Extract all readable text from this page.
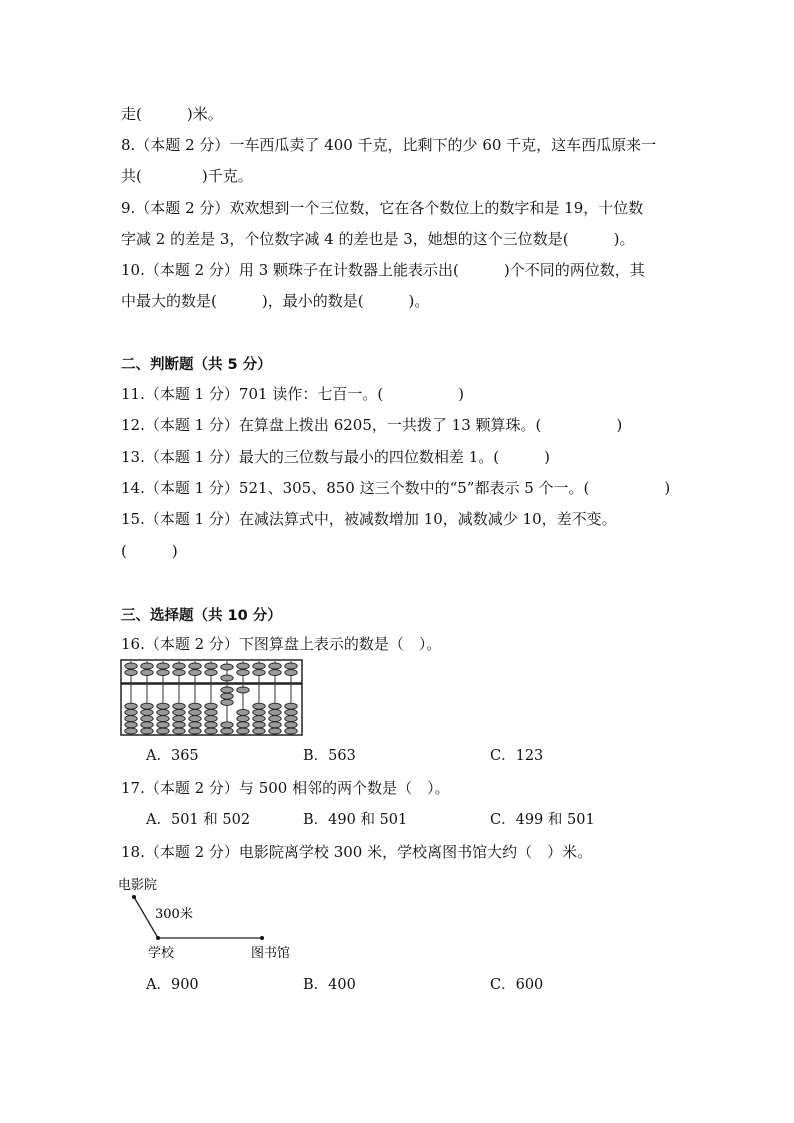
走(　　　)米。
8.（本题 2 分）一车西瓜卖了 400 千克，比剩下的少 60 千克，这车西瓜原来一
共(　　　　)千克。
9.（本题 2 分）欢欢想到一个三位数，它在各个数位上的数字和是 19，十位数
字减 2 的差是 3，个位数字减 4 的差也是 3，她想的这个三位数是(　　　)。
10.（本题 2 分）用 3 颗珠子在计数器上能表示出(　　　)个不同的两位数，其
中最大的数是(　　　)，最小的数是(　　　)。
二、判断题（共 5 分）
11.（本题 1 分）701 读作：七百一。(　　　　　)
12.（本题 1 分）在算盘上拨出 6205，一共拨了 13 颗算珠。(　　　　　)
13.（本题 1 分）最大的三位数与最小的四位数相差 1。(　　　)
14.（本题 1 分）521、305、850 这三个数中的“5”都表示 5 个一。(　　　　　)
15.（本题 1 分）在减法算式中，被减数增加 10，减数减少 10，差不变。
(　　　)
三、选择题（共 10 分）
16.（本题 2 分）下图算盘上表示的数是（　）。
A．365	B．563	C．123
17.（本题 2 分）与 500 相邻的两个数是（　）。
A．501 和 502	B．490 和 501	C．499 和 501
18.（本题 2 分）电影院离学校 300 米，学校离图书馆大约（　）米。
电影院
300米
学校	图书馆
A．900	B．400	C．600
